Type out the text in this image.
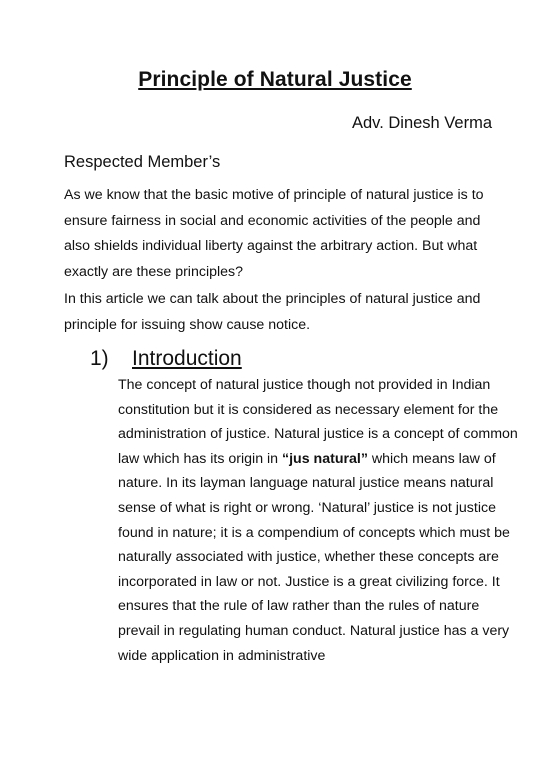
Principle of Natural Justice
Adv. Dinesh Verma
Respected Member’s

As we know that the basic motive of principle of natural justice is to ensure fairness in social and economic activities of the people and also shields individual liberty against the arbitrary action. But what exactly are these principles?

In this article we can talk about the principles of natural justice and principle for issuing show cause notice.

1) Introduction

The concept of natural justice though not provided in Indian constitution but it is considered as necessary element for the administration of justice. Natural justice is a concept of common law which has its origin in “jus natural” which means law of nature. In its layman language natural justice means natural sense of what is right or wrong. ‘Natural’ justice is not justice found in nature; it is a compendium of concepts which must be naturally associated with justice, whether these concepts are incorporated in law or not. Justice is a great civilizing force. It ensures that the rule of law rather than the rules of nature prevail in regulating human conduct. Natural justice has a very wide application in administrative
